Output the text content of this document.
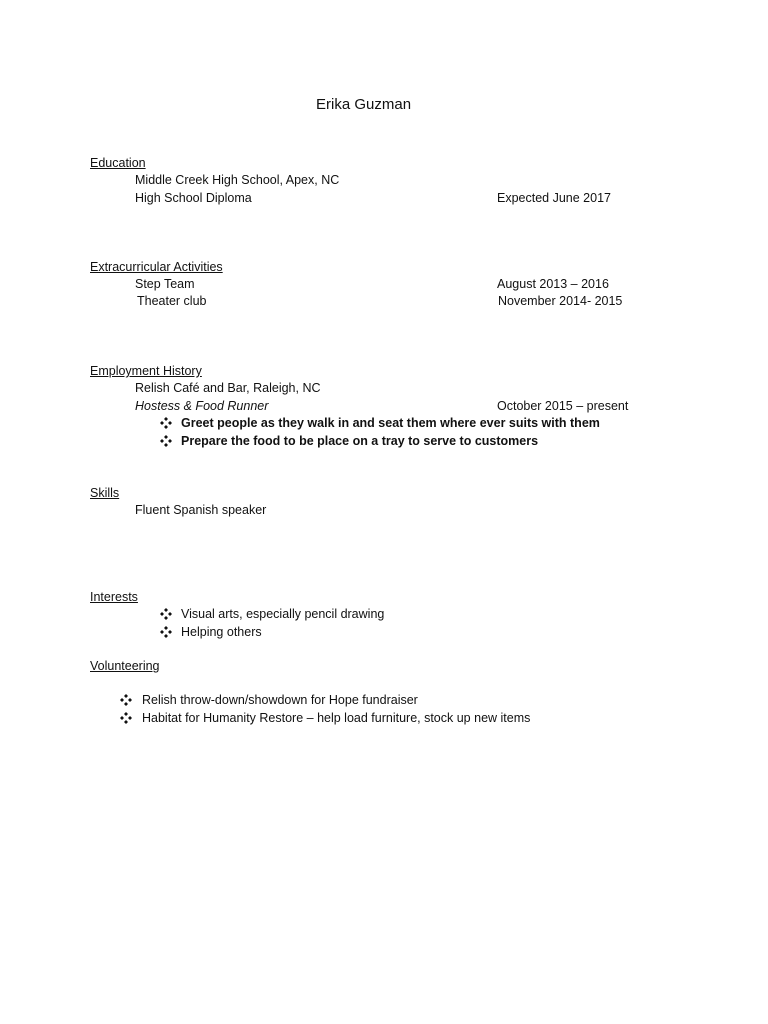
Erika Guzman
Education
Middle Creek High School, Apex, NC
High School Diploma	Expected June 2017
Extracurricular Activities
Step Team	August 2013 – 2016
Theater club	November 2014- 2015
Employment History
Relish Café and Bar, Raleigh, NC
Hostess & Food Runner	October 2015 – present
Greet people as they walk in and seat them where ever suits with them
Prepare the food to be place on a tray to serve to customers
Skills
Fluent Spanish speaker
Interests
Visual arts, especially pencil drawing
Helping others
Volunteering
Relish throw-down/showdown for Hope fundraiser
Habitat for Humanity Restore – help load furniture, stock up new items
